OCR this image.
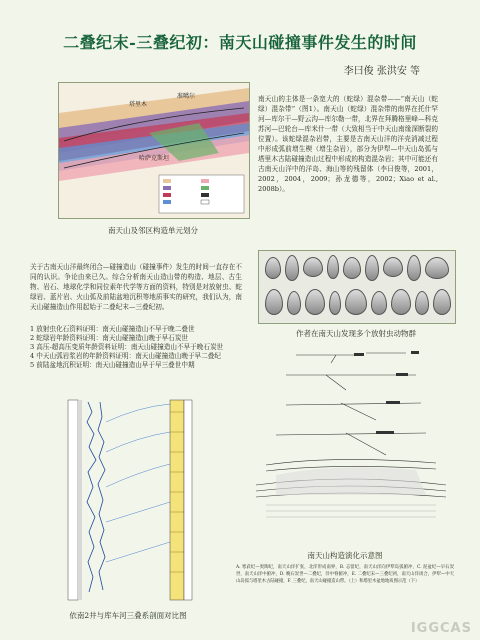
二叠纪末-三叠纪初：南天山碰撞事件发生的时间
李曰俊 张洪安 等
准噶尔
塔里木
哈萨克斯坦
南天山及邻区构造单元划分
南天山的主体是一条宽大的（蛇绿）混杂带——“南天山（蛇绿）混杂带”（图1）。南天山（蛇绿）混杂带的南界在托什罕河—库尔干—野云沟—库尔勒一带，北界在拜腾格里峰—科克苏河—巴轮台—库米什一带（大致相当于中天山南缘深断裂的位置）。该蛇绿混杂岩带，主要是古南天山洋的洋壳消减过程中形成弧前增生楔（增生杂岩），部分为伊犁—中天山岛弧与塔里木古陆碰撞造山过程中形成的构造混杂岩；其中可能还有古南天山洋中的洋岛、海山等的残留体（李曰俊等，2001，2002，2004，2009；孙龙德等，2002；Xiao et al., 2008b）。
关于古南天山洋最终闭合—碰撞造山（碰撞事件）发生的时间一直存在不同的认识。争论由来已久。综合分析南天山造山带的构造、地层、古生物、岩石、地球化学和同位素年代学等方面的资料，特别是对放射虫、蛇绿岩、蓝片岩、火山弧及前陆盆地沉积等地质事实的研究，我们认为，南天山碰撞造山作用起始于二叠纪末—三叠纪初。
1 放射虫化石资料证明：南天山碰撞造山不早于晚二叠世
2 蛇绿岩年龄资料证明：南天山碰撞造山晚于早石炭世
3 高压-超高压变质年龄资料证明：南天山碰撞造山不早于晚石炭世
4 中天山弧岩浆岩的年龄资料证明：南天山碰撞造山晚于早二叠纪
5 前陆盆地沉积证明：南天山碰撞造山早于早三叠世中期
作者在南天山发现多个放射虫动物群
依南2井与库车河三叠系剖面对比图
南天山构造演化示意图
A. 寒武纪—奥陶纪，南天山洋扩张，北洋形成南界，B. 志留纪，南天山洋向伊犁岛弧俯冲，C. 泥盆纪—早石炭世，南天山洋中俯冲，D. 晚石炭世—二叠纪，洋中脊俯冲，E. 二叠纪末—三叠纪初，南天山洋闭合，伊犁—中天山岛弧与塔里木古陆碰撞，F. 三叠纪，南天山碰撞造山带。（上）和塔里木盆地地质图示范（下）
IGGCAS
